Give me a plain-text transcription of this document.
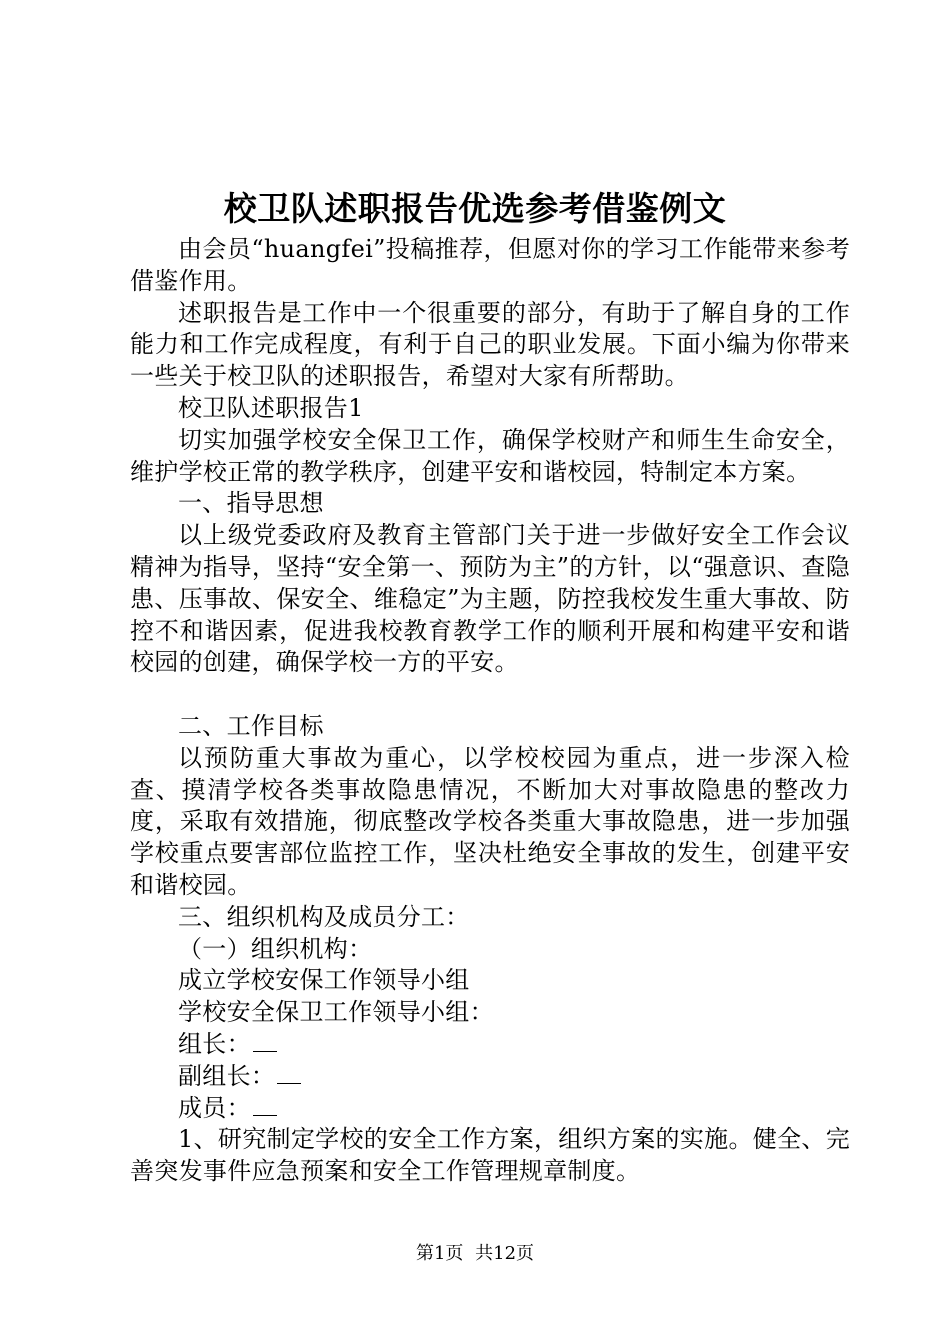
校卫队述职报告优选参考借鉴例文

由会员“huangfei”投稿推荐，但愿对你的学习工作能带来参考借鉴作用。

述职报告是工作中一个很重要的部分，有助于了解自身的工作能力和工作完成程度，有利于自己的职业发展。下面小编为你带来一些关于校卫队的述职报告，希望对大家有所帮助。

校卫队述职报告1

切实加强学校安全保卫工作，确保学校财产和师生生命安全，维护学校正常的教学秩序，创建平安和谐校园，特制定本方案。

一、指导思想

以上级党委政府及教育主管部门关于进一步做好安全工作会议精神为指导，坚持“安全第一、预防为主”的方针，以“强意识、查隐患、压事故、保安全、维稳定”为主题，防控我校发生重大事故、防控不和谐因素，促进我校教育教学工作的顺利开展和构建平安和谐校园的创建，确保学校一方的平安。

二、工作目标

以预防重大事故为重心，以学校校园为重点，进一步深入检查、摸清学校各类事故隐患情况，不断加大对事故隐患的整改力度，采取有效措施，彻底整改学校各类重大事故隐患，进一步加强学校重点要害部位监控工作，坚决杜绝安全事故的发生，创建平安和谐校园。

三、组织机构及成员分工：

（一）组织机构：

成立学校安保工作领导小组

学校安全保卫工作领导小组：

组长：

副组长：

成员：

1、研究制定学校的安全工作方案，组织方案的实施。健全、完善突发事件应急预案和安全工作管理规章制度。

第1页 共12页
